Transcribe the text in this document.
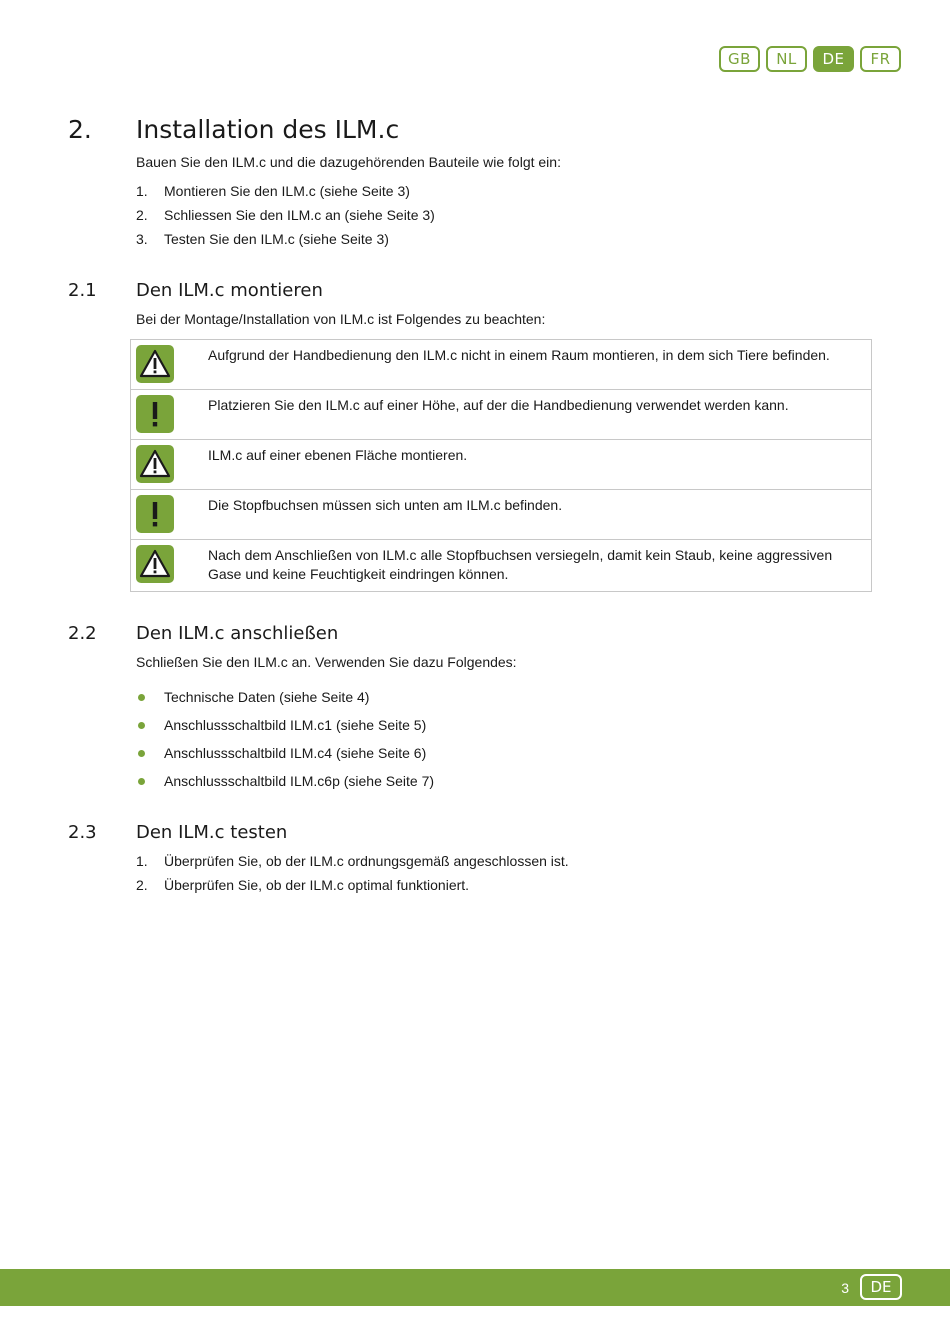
GB	NL	DE	FR
2. Installation des ILM.c
Bauen Sie den ILM.c und die dazugehörenden Bauteile wie folgt ein:
1. Montieren Sie den ILM.c (siehe Seite 3)
2. Schliessen Sie den ILM.c an (siehe Seite 3)
3. Testen Sie den ILM.c (siehe Seite 3)
2.1 Den ILM.c montieren
Bei der Montage/Installation von ILM.c ist Folgendes zu beachten:
Aufgrund der Handbedienung den ILM.c nicht in einem Raum montieren, in dem sich Tiere befinden.
Platzieren Sie den ILM.c auf einer Höhe, auf der die Handbedienung verwendet werden kann.
ILM.c auf einer ebenen Fläche montieren.
Die Stopfbuchsen müssen sich unten am ILM.c befinden.
Nach dem Anschließen von ILM.c alle Stopfbuchsen versiegeln, damit kein Staub, keine aggressiven Gase und keine Feuchtigkeit eindringen können.
2.2 Den ILM.c anschließen
Schließen Sie den ILM.c an. Verwenden Sie dazu Folgendes:
Technische Daten (siehe Seite 4)
Anschlussschaltbild ILM.c1 (siehe Seite 5)
Anschlussschaltbild ILM.c4 (siehe Seite 6)
Anschlussschaltbild ILM.c6p (siehe Seite 7)
2.3 Den ILM.c testen
1. Überprüfen Sie, ob der ILM.c ordnungsgemäß angeschlossen ist.
2. Überprüfen Sie, ob der ILM.c optimal funktioniert.
3	DE
